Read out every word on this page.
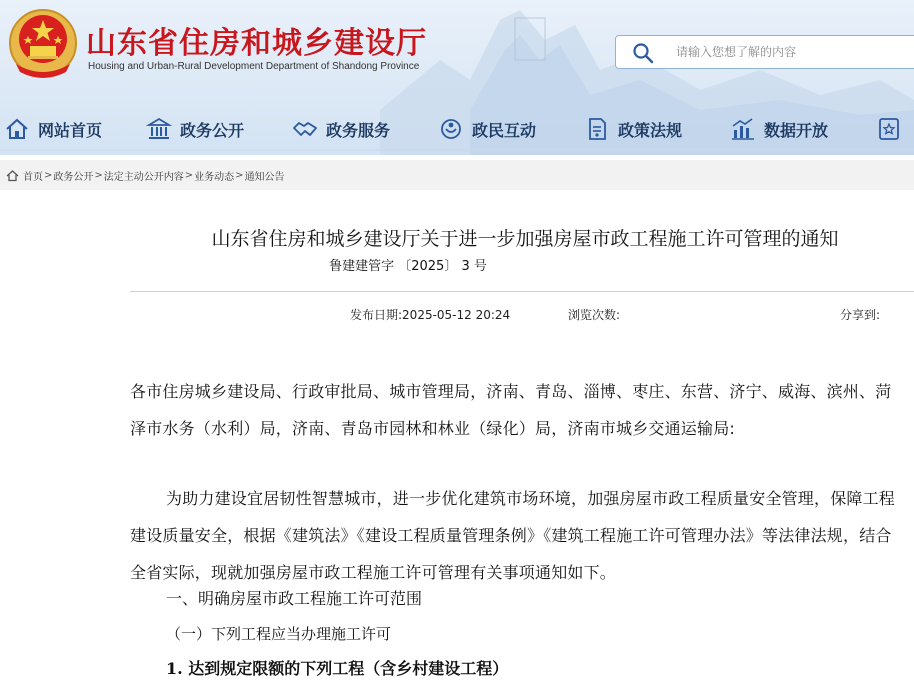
山东省住房和城乡建设厅
Housing and Urban-Rural Development Department of Shandong Province
请输入您想了解的内容
网站首页	政务公开	政务服务	政民互动	政策法规	数据开放
首页 > 政务公开 > 法定主动公开内容 > 业务动态 > 通知公告
山东省住房和城乡建设厅关于进一步加强房屋市政工程施工许可管理的通知
鲁建建管字 〔2025〕 3 号
发布日期:2025-05-12 20:24	浏览次数:	分享到:
各市住房城乡建设局、行政审批局、城市管理局，济南、青岛、淄博、枣庄、东营、济宁、威海、滨州、菏泽市水务（水利）局，济南、青岛市园林和林业（绿化）局，济南市城乡交通运输局:
为助力建设宜居韧性智慧城市，进一步优化建筑市场环境，加强房屋市政工程质量安全管理，保障工程建设质量安全，根据《建筑法》《建设工程质量管理条例》《建筑工程施工许可管理办法》等法律法规，结合全省实际，现就加强房屋市政工程施工许可管理有关事项通知如下。
一、明确房屋市政工程施工许可范围
（一）下列工程应当办理施工许可
1. 达到规定限额的下列工程（含乡村建设工程）
